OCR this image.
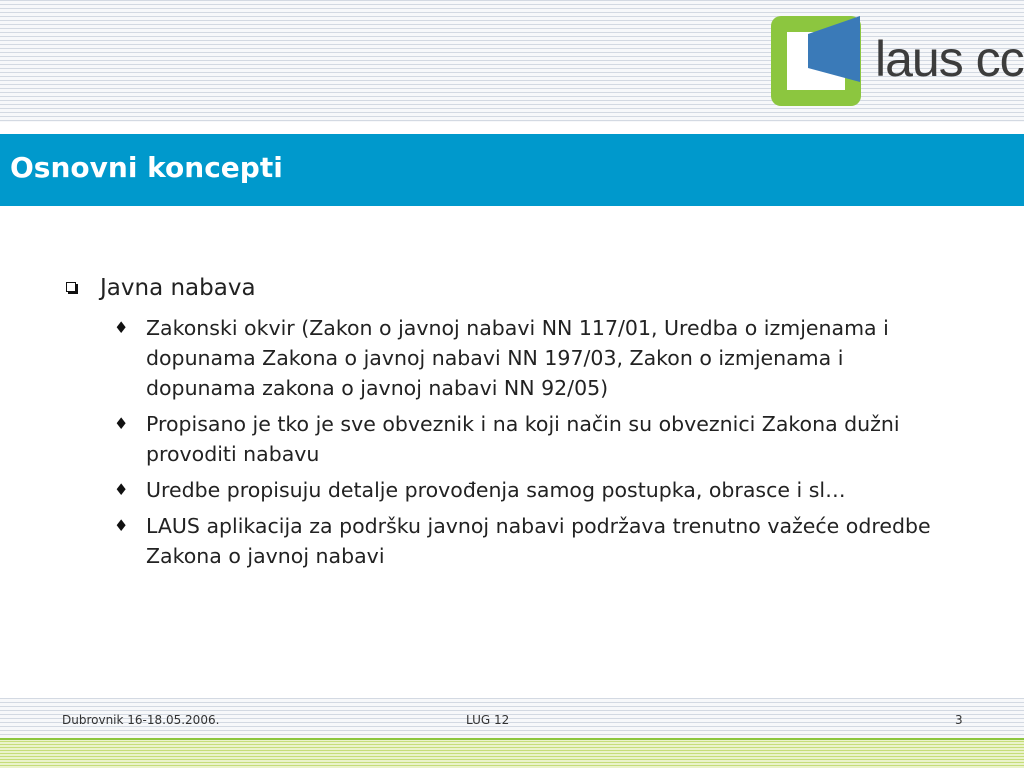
laus cc
Osnovni koncepti
Javna nabava
♦ Zakonski okvir (Zakon o javnoj nabavi NN 117/01, Uredba o izmjenama i dopunama Zakona o javnoj nabavi NN 197/03, Zakon o izmjenama i dopunama zakona o javnoj nabavi NN 92/05)
♦ Propisano je tko je sve obveznik i na koji način su obveznici Zakona dužni provoditi nabavu
♦ Uredbe propisuju detalje provođenja samog postupka, obrasce i sl…
♦ LAUS aplikacija za podršku javnoj nabavi podržava trenutno važeće odredbe Zakona o javnoj nabavi
Dubrovnik 16-18.05.2006.	LUG 12	3
